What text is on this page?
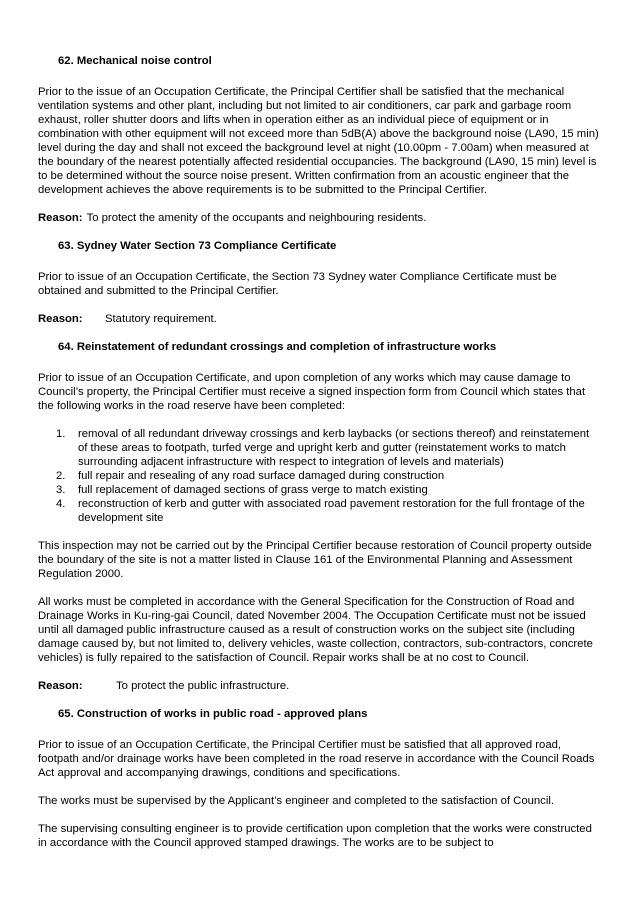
62. Mechanical noise control

Prior to the issue of an Occupation Certificate, the Principal Certifier shall be satisfied that the mechanical ventilation systems and other plant, including but not limited to air conditioners, car park and garbage room exhaust, roller shutter doors and lifts when in operation either as an individual piece of equipment or in combination with other equipment will not exceed more than 5dB(A) above the background noise (LA90, 15 min) level during the day and shall not exceed the background level at night (10.00pm - 7.00am) when measured at the boundary of the nearest potentially affected residential occupancies. The background (LA90, 15 min) level is to be determined without the source noise present. Written confirmation from an acoustic engineer that the development achieves the above requirements is to be submitted to the Principal Certifier.

Reason: To protect the amenity of the occupants and neighbouring residents.
63. Sydney Water Section 73 Compliance Certificate

Prior to issue of an Occupation Certificate, the Section 73 Sydney water Compliance Certificate must be obtained and submitted to the Principal Certifier.

Reason:	Statutory requirement.
64. Reinstatement of redundant crossings and completion of infrastructure works

Prior to issue of an Occupation Certificate, and upon completion of any works which may cause damage to Council’s property, the Principal Certifier must receive a signed inspection form from Council which states that the following works in the road reserve have been completed:

1.	removal of all redundant driveway crossings and kerb laybacks (or sections thereof) and reinstatement of these areas to footpath, turfed verge and upright kerb and gutter (reinstatement works to match surrounding adjacent infrastructure with respect to integration of levels and materials)
2.	full repair and resealing of any road surface damaged during construction
3.	full replacement of damaged sections of grass verge to match existing
4.	reconstruction of kerb and gutter with associated road pavement restoration for the full frontage of the development site

This inspection may not be carried out by the Principal Certifier because restoration of Council property outside the boundary of the site is not a matter listed in Clause 161 of the Environmental Planning and Assessment Regulation 2000.

All works must be completed in accordance with the General Specification for the Construction of Road and Drainage Works in Ku-ring-gai Council, dated November 2004. The Occupation Certificate must not be issued until all damaged public infrastructure caused as a result of construction works on the subject site (including damage caused by, but not limited to, delivery vehicles, waste collection, contractors, sub-contractors, concrete vehicles) is fully repaired to the satisfaction of Council. Repair works shall be at no cost to Council.

Reason:	To protect the public infrastructure.
65. Construction of works in public road - approved plans

Prior to issue of an Occupation Certificate, the Principal Certifier must be satisfied that all approved road, footpath and/or drainage works have been completed in the road reserve in accordance with the Council Roads Act approval and accompanying drawings, conditions and specifications.

The works must be supervised by the Applicant’s engineer and completed to the satisfaction of Council.

The supervising consulting engineer is to provide certification upon completion that the works were constructed in accordance with the Council approved stamped drawings. The works are to be subject to
